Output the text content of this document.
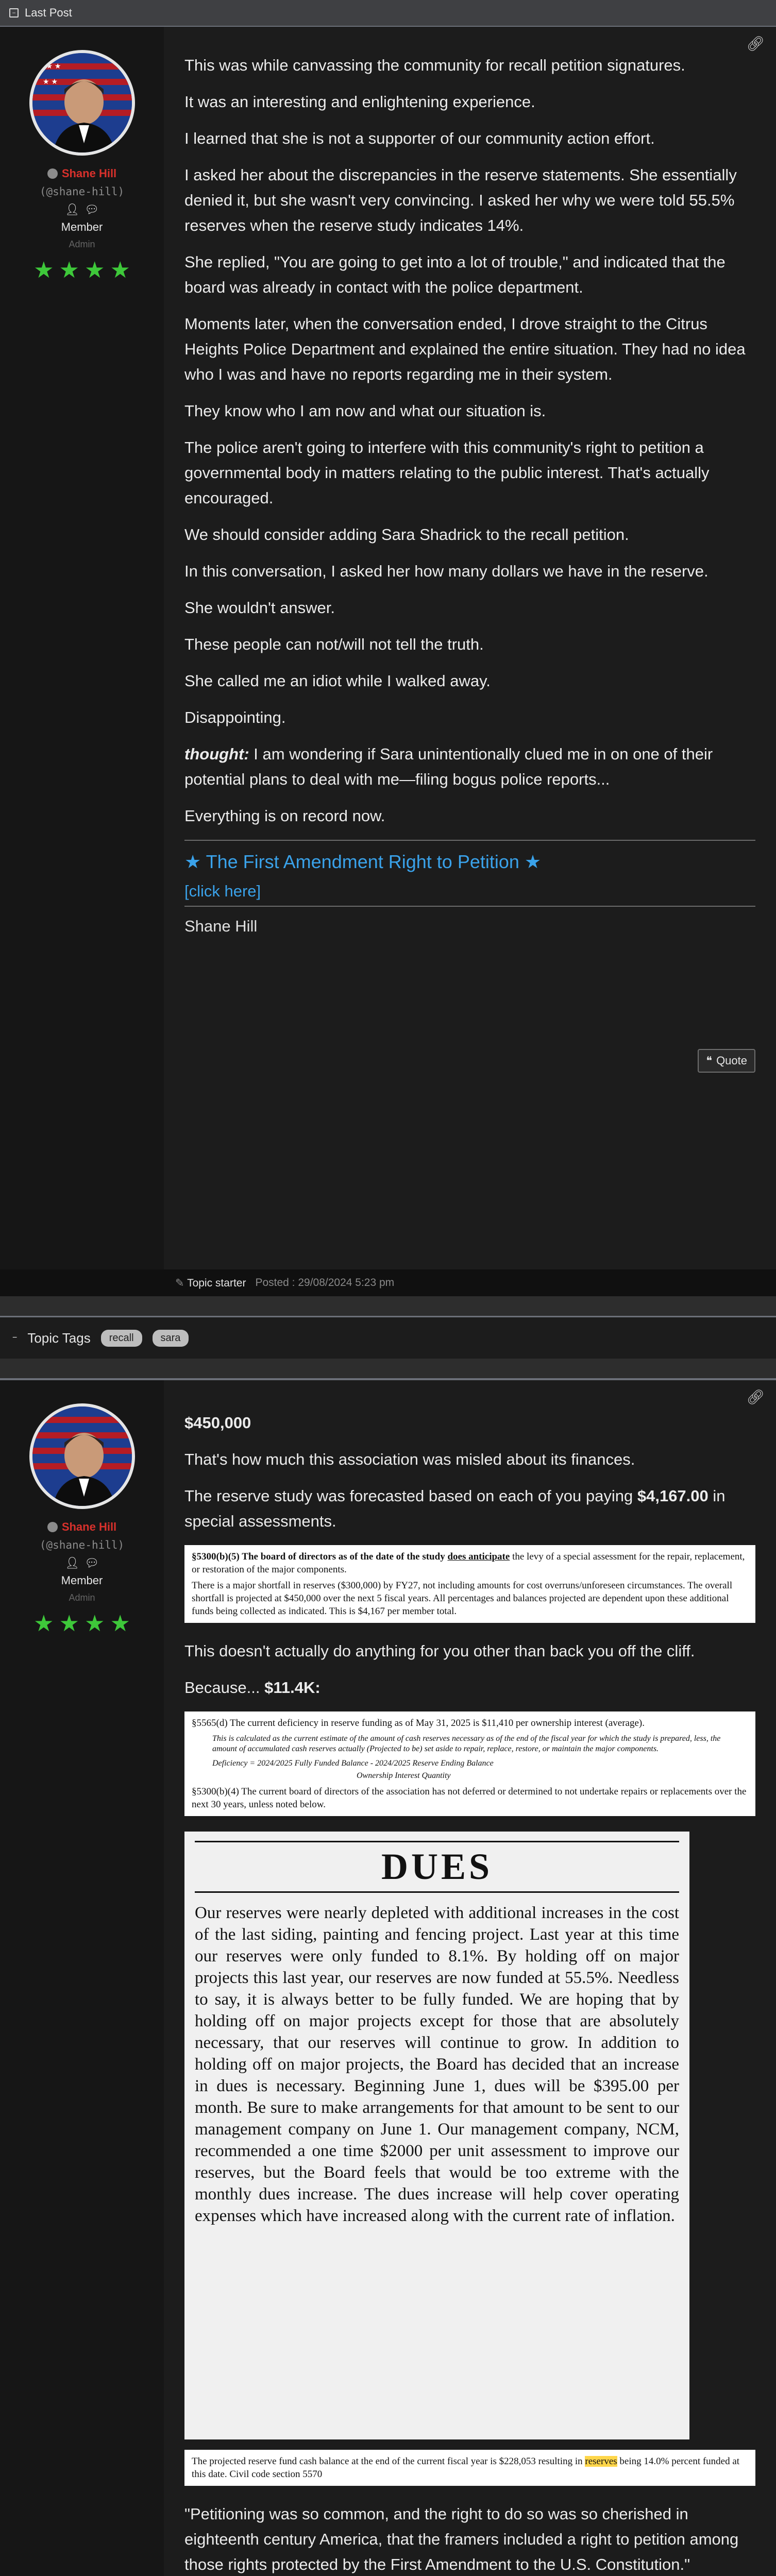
− Last Post
★ ★ ★
★ ★
Shane Hill
(@shane-hill)
👤︎ 💬︎
Member
Admin
★ ★ ★ ★
🔗︎

This was while canvassing the community for recall petition signatures.

It was an interesting and enlightening experience.

I learned that she is not a supporter of our community action effort.

I asked her about the discrepancies in the reserve statements. She essentially denied it, but she wasn't very convincing. I asked her why we were told 55.5% reserves when the reserve study indicates 14%.

She replied, "You are going to get into a lot of trouble," and indicated that the board was already in contact with the police department.

Moments later, when the conversation ended, I drove straight to the Citrus Heights Police Department and explained the entire situation. They had no idea who I was and have no reports regarding me in their system.

They know who I am now and what our situation is.

The police aren't going to interfere with this community's right to petition a governmental body in matters relating to the public interest. That's actually encouraged.

We should consider adding Sara Shadrick to the recall petition.

In this conversation, I asked her how many dollars we have in the reserve.

She wouldn't answer.

These people can not/will not tell the truth.

She called me an idiot while I walked away.

Disappointing.

thought: I am wondering if Sara unintentionally clued me in on one of their potential plans to deal with me—filing bogus police reports...

Everything is on record now.

★ The First Amendment Right to Petition ★
[click here]
Shane Hill
❝ Quote
✎ Topic starter Posted : 29/08/2024 5:23 pm
− Topic Tags	recall	sara
Shane Hill
(@shane-hill)
👤︎ 💬︎
Member
Admin
★ ★ ★ ★
🔗︎

$450,000

That's how much this association was misled about its finances.

The reserve study was forecasted based on each of you paying $4,167.00 in special assessments.

§5300(b)(5) The board of directors as of the date of the study does anticipate the levy of a special assessment for the repair, replacement, or restoration of the major components.
There is a major shortfall in reserves ($300,000) by FY27, not including amounts for cost overruns/unforeseen circumstances. The overall shortfall is projected at $450,000 over the next 5 fiscal years. All percentages and balances projected are dependent upon these additional funds being collected as indicated. This is $4,167 per member total.

This doesn't actually do anything for you other than back you off the cliff.

Because... $11.4K:

§5565(d) The current deficiency in reserve funding as of May 31, 2025 is $11,410 per ownership interest (average).
This is calculated as the current estimate of the amount of cash reserves necessary as of the end of the fiscal year for which the study is prepared, less, the amount of accumulated cash reserves actually (Projected to be) set aside to repair, replace, restore, or maintain the major components.
Deficiency = 2024/2025 Fully Funded Balance - 2024/2025 Reserve Ending Balance
Ownership Interest Quantity
§5300(b)(4) The current board of directors of the association has not deferred or determined to not undertake repairs or replacements over the next 30 years, unless noted below.
DUES
Our reserves were nearly depleted with additional increases in the cost of the last siding, painting and fencing project. Last year at this time our reserves were only funded to 8.1%. By holding off on major projects this last year, our reserves are now funded at 55.5%. Needless to say, it is always better to be fully funded. We are hoping that by holding off on major projects except for those that are absolutely necessary, that our reserves will continue to grow. In addition to holding off on major projects, the Board has decided that an increase in dues is necessary. Beginning June 1, dues will be $395.00 per month. Be sure to make arrangements for that amount to be sent to our management company on June 1. Our management company, NCM, recommended a one time $2000 per unit assessment to improve our reserves, but the Board feels that would be too extreme with the monthly dues increase. The dues increase will help cover operating expenses which have increased along with the current rate of inflation.
The projected reserve fund cash balance at the end of the current fiscal year is $228,053 resulting in reserves being 14.0% percent funded at this date. Civil code section 5570

"Petitioning was so common, and the right to do so was so cherished in eighteenth century America, that the framers included a right to petition among those rights protected by the First Amendment to the U.S. Constitution."
